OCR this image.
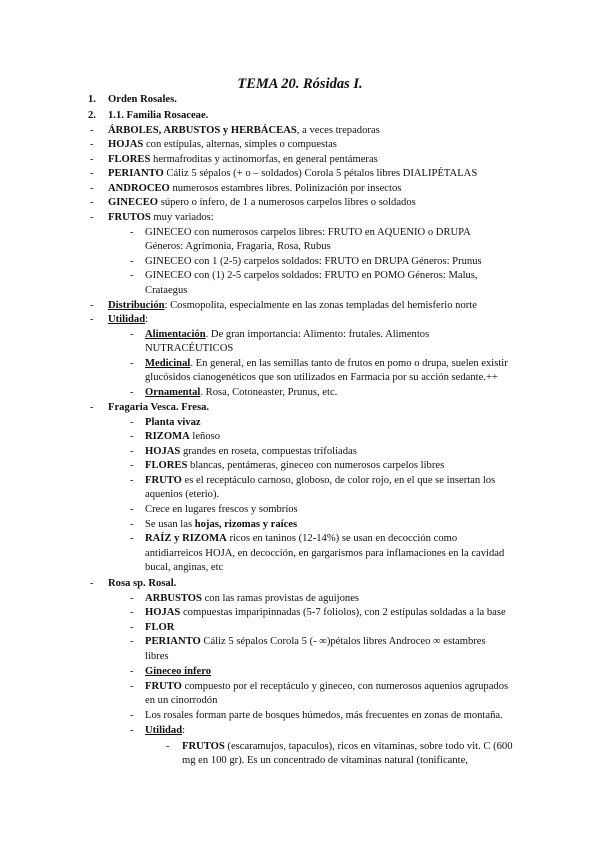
TEMA 20. Rósidas I.
1. Orden Rosales.
2. 1.1. Familia Rosaceae.
- ÁRBOLES, ARBUSTOS y HERBÁCEAS, a veces trepadoras
- HOJAS con estípulas, alternas, simples o compuestas
- FLORES hermafroditas y actinomorfas, en general pentámeras
- PERIANTO Cáliz 5 sépalos (+ o – soldados) Corola 5 pétalos libres DIALIPÉTALAS
- ANDROCEO numerosos estambres libres. Polinización por insectos
- GINECEO súpero o ínfero, de 1 a numerosos carpelos libres o soldados
- FRUTOS muy variados:
- GINECEO con numerosos carpelos libres: FRUTO en AQUENIO o DRUPA
Géneros: Agrimonia, Fragaria, Rosa, Rubus
- GINECEO con 1 (2-5) carpelos soldados: FRUTO en DRUPA Géneros: Prunus
- GINECEO con (1) 2-5 carpelos soldados: FRUTO en POMO Géneros: Malus,
Crataegus
- Distribución: Cosmopolita, especialmente en las zonas templadas del hemisferio norte
- Utilidad:
- Alimentación. De gran importancia: Alimento: frutales. Alimentos
NUTRACÉUTICOS
- Medicinal. En general, en las semillas tanto de frutos en pomo o drupa, suelen existir
glucósidos cianogenéticos que son utilizados en Farmacia por su acción sedante.++
- Ornamental. Rosa, Cotoneaster, Prunus, etc.
- Fragaria Vesca. Fresa.
- Planta vivaz
- RIZOMA leñoso
- HOJAS grandes en roseta, compuestas trifoliadas
- FLORES blancas, pentámeras, gineceo con numerosos carpelos libres
- FRUTO es el receptáculo carnoso, globoso, de color rojo, en el que se insertan los
aquenios (eterio).
- Crece en lugares frescos y sombríos
- Se usan las hojas, rizomas y raíces
- RAÍZ y RIZOMA ricos en taninos (12-14%) se usan en decocción como
antidiarreicos HOJA, en decocción, en gargarismos para inflamaciones en la cavidad
bucal, anginas, etc
- Rosa sp. Rosal.
- ARBUSTOS con las ramas provistas de aguijones
- HOJAS compuestas imparipinnadas (5-7 foliolos), con 2 estípulas soldadas a la base
- FLOR
- PERIANTO Cáliz 5 sépalos Corola 5 (- ∞)pétalos libres Androceo ∞ estambres
libres
- Gineceo ínfero
- FRUTO compuesto por el receptáculo y gineceo, con numerosos aquenios agrupados
en un cinorrodón
- Los rosales forman parte de bosques húmedos, más frecuentes en zonas de montaña.
- Utilidad:
- FRUTOS (escaramujos, tapaculos), ricos en vitaminas, sobre todo vit. C (600
mg en 100 gr). Es un concentrado de vitaminas natural (tonificante,
